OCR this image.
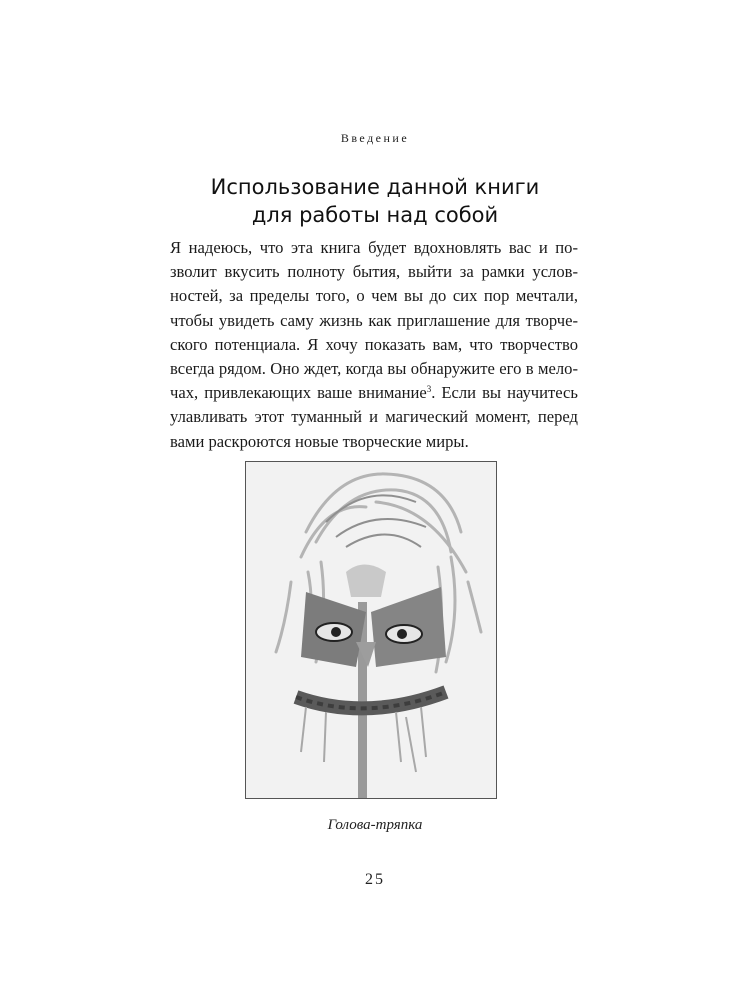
Введение
Использование данной книги
для работы над собой
Я надеюсь, что эта книга будет вдохновлять вас и по-
зволит вкусить полноту бытия, выйти за рамки услов-
ностей, за пределы того, о чем вы до сих пор мечтали,
чтобы увидеть саму жизнь как приглашение для творче-
ского потенциала. Я хочу показать вам, что творчество
всегда рядом. Оно ждет, когда вы обнаружите его в мело-
чах, привлекающих ваше внимание$^3$. Если вы научитесь
улавливать этот туманный и магический момент, перед
вами раскроются новые творческие миры.
Голова-тряпка
25
